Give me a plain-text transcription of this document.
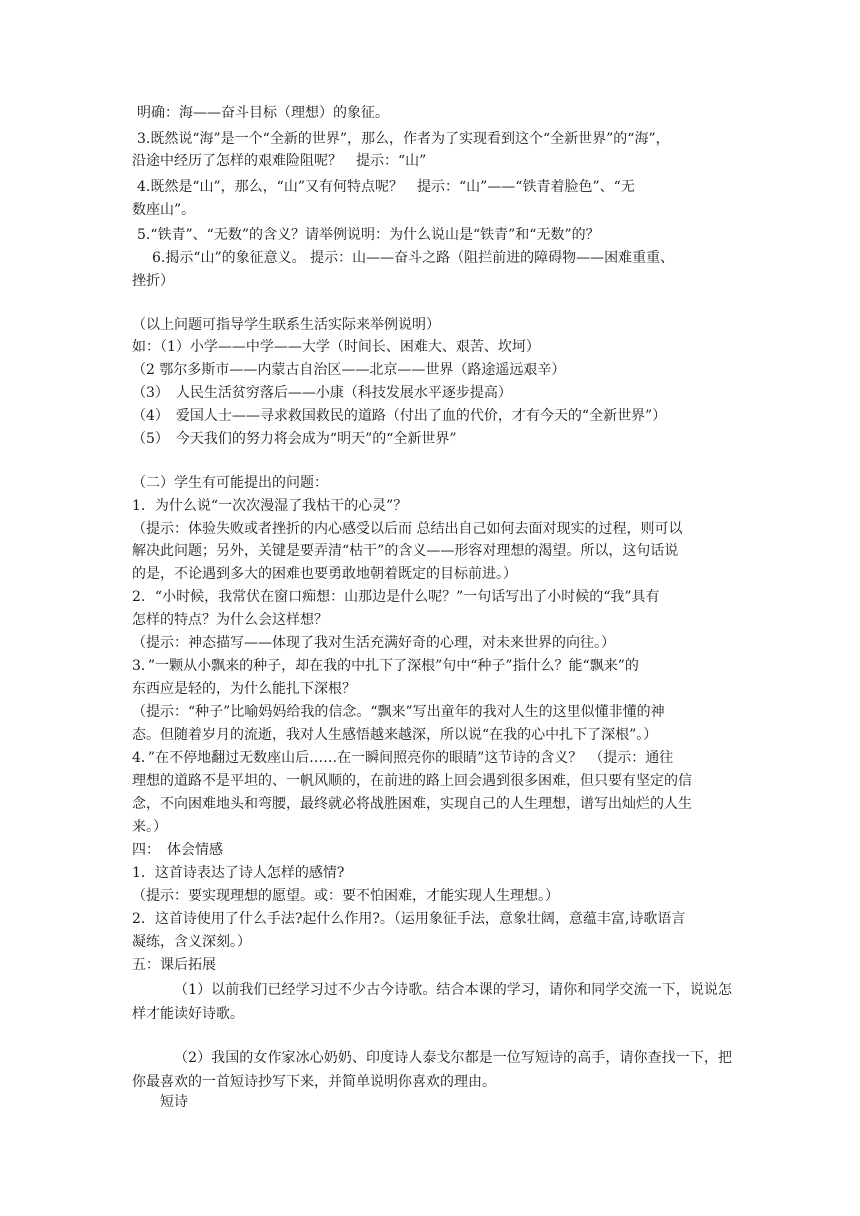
明确：海——奋斗目标（理想）的象征。
3.既然说“海”是一个“全新的世界”，那么，作者为了实现看到这个“全新世界”的“海”，
沿途中经历了怎样的艰难险阻呢？　提示：“山”
4.既然是“山”，那么，“山”又有何特点呢？　提示：“山”——“铁青着脸色”、“无
数座山”。
5.“铁青”、“无数”的含义？请举例说明：为什么说山是“铁青”和“无数”的？
6.揭示“山”的象征意义。 提示：山——奋斗之路（阻拦前进的障碍物——困难重重、
挫折）
（以上问题可指导学生联系生活实际来举例说明）
如：（1）小学——中学——大学（时间长、困难大、艰苦、坎坷）
（2 鄂尔多斯市——内蒙古自治区——北京——世界（路途遥远艰辛）
（3）　人民生活贫穷落后——小康（科技发展水平逐步提高）
（4）　爱国人士——寻求救国救民的道路（付出了血的代价，才有今天的“全新世界”）
（5）　今天我们的努力将会成为“明天”的“全新世界”
（二）学生有可能提出的问题：
1．为什么说“一次次漫湿了我枯干的心灵”？
（提示：体验失败或者挫折的内心感受以后而 总结出自己如何去面对现实的过程，则可以
解决此问题；另外，关键是要弄清“枯干”的含义——形容对理想的渴望。所以，这句话说
的是，不论遇到多大的困难也要勇敢地朝着既定的目标前进。）
2．“小时候，我常伏在窗口痴想：山那边是什么呢？”一句话写出了小时候的“我”具有
怎样的特点？为什么会这样想？
（提示：神态描写——体现了我对生活充满好奇的心理，对未来世界的向往。）
3．”一颗从小飘来的种子，却在我的中扎下了深根”句中“种子”指什么？能“飘来”的
东西应是轻的，为什么能扎下深根？
（提示：“种子”比喻妈妈给我的信念。“飘来”写出童年的我对人生的这里似懂非懂的神
态。但随着岁月的流逝，我对人生感悟越来越深，所以说“在我的心中扎下了深根”。）
4．”在不停地翻过无数座山后……在一瞬间照亮你的眼睛”这节诗的含义？　（提示：通往
理想的道路不是平坦的、一帆风顺的，在前进的路上回会遇到很多困难，但只要有坚定的信
念，不向困难地头和弯腰，最终就必将战胜困难，实现自己的人生理想，谱写出灿烂的人生
来。）
四：　体会情感
1．这首诗表达了诗人怎样的感情?
（提示：要实现理想的愿望。或：要不怕困难，才能实现人生理想。）
2．这首诗使用了什么手法?起什么作用?。（运用象征手法，意象壮阔，意蕴丰富,诗歌语言
凝练，含义深刻。）
五：课后拓展
（1）以前我们已经学习过不少古今诗歌。结合本课的学习，请你和同学交流一下，说说怎样才能读好诗歌。
（2）我国的女作家冰心奶奶、印度诗人泰戈尔都是一位写短诗的高手，请你查找一下，把你最喜欢的一首短诗抄写下来，并简单说明你喜欢的理由。
短诗
